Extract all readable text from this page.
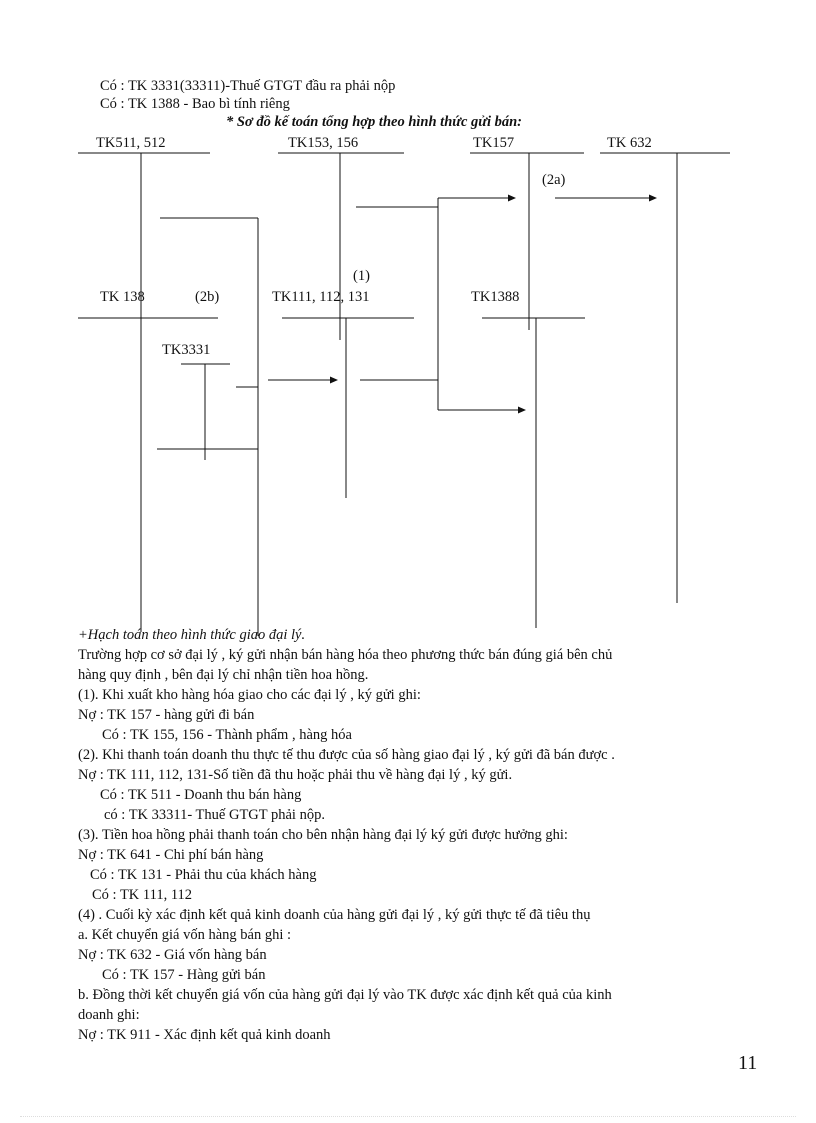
Có : TK 3331(33311)-Thuế GTGT đầu ra phải nộp
Có : TK 1388 - Bao bì tính riêng
* Sơ đồ kế toán tổng hợp theo hình thức gửi bán:
TK511, 512	TK153, 156	TK157	TK 632
TK 138	TK111, 112, 131	TK1388
TK3331
(2a)
(1)
(2b)
+Hạch toán theo hình thức giao đại lý.
Trường hợp cơ sở đại lý , ký gửi nhận bán hàng hóa theo phương thức bán đúng giá bên chủ
hàng quy định , bên đại lý chỉ nhận tiền hoa hồng.
(1). Khi xuất kho hàng hóa giao cho các đại lý , ký gửi ghi:
Nợ : TK 157 - hàng gửi đi bán
Có : TK 155, 156 - Thành phẩm , hàng hóa
(2). Khi thanh toán doanh thu thực tế thu được của số hàng giao đại lý , ký gửi đã bán được .
Nợ : TK 111, 112, 131-Số tiền đã thu hoặc phải thu về hàng đại lý , ký gửi.
Có : TK 511 - Doanh thu bán hàng
có : TK 33311- Thuế GTGT phải nộp.
(3). Tiền hoa hồng phải thanh toán cho bên nhận hàng đại lý ký gửi được hưởng ghi:
Nợ : TK 641 - Chi phí bán hàng
Có : TK 131 - Phải thu của khách hàng
Có : TK 111, 112
(4) . Cuối kỳ xác định kết quả kinh doanh của hàng gửi đại lý , ký gửi thực tế đã tiêu thụ
a. Kết chuyển giá vốn hàng bán ghi :
Nợ : TK 632 - Giá vốn hàng bán
Có : TK 157 - Hàng gửi bán
b. Đồng thời kết chuyển giá vốn của hàng gửi đại lý vào TK được xác định kết quả của kinh
doanh ghi:
Nợ : TK 911 - Xác định kết quả kinh doanh
11
